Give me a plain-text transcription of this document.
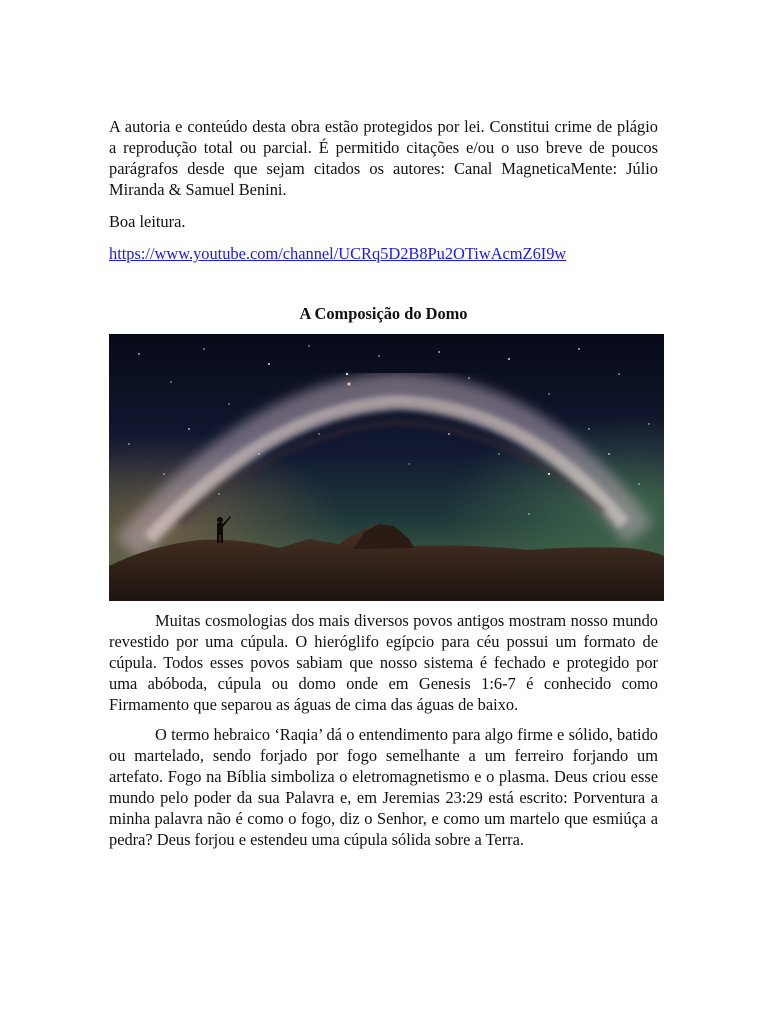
A autoria e conteúdo desta obra estão protegidos por lei. Constitui crime de plágio a reprodução total ou parcial. É permitido citações e/ou o uso breve de poucos parágrafos desde que sejam citados os autores: Canal MagneticaMente: Júlio Miranda & Samuel Benini.

Boa leitura.

https://www.youtube.com/channel/UCRq5D2B8Pu2OTiwAcmZ6I9w
A Composição do Domo

Muitas cosmologias dos mais diversos povos antigos mostram nosso mundo revestido por uma cúpula. O hieróglifo egípcio para céu possui um formato de cúpula. Todos esses povos sabiam que nosso sistema é fechado e protegido por uma abóboda, cúpula ou domo onde em Genesis 1:6-7 é conhecido como Firmamento que separou as águas de cima das águas de baixo.

O termo hebraico ‘Raqia’ dá o entendimento para algo firme e sólido, batido ou martelado, sendo forjado por fogo semelhante a um ferreiro forjando um artefato. Fogo na Bíblia simboliza o eletromagnetismo e o plasma. Deus criou esse mundo pelo poder da sua Palavra e, em Jeremias 23:29 está escrito: Porventura a minha palavra não é como o fogo, diz o Senhor, e como um martelo que esmiúça a pedra? Deus forjou e estendeu uma cúpula sólida sobre a Terra.
